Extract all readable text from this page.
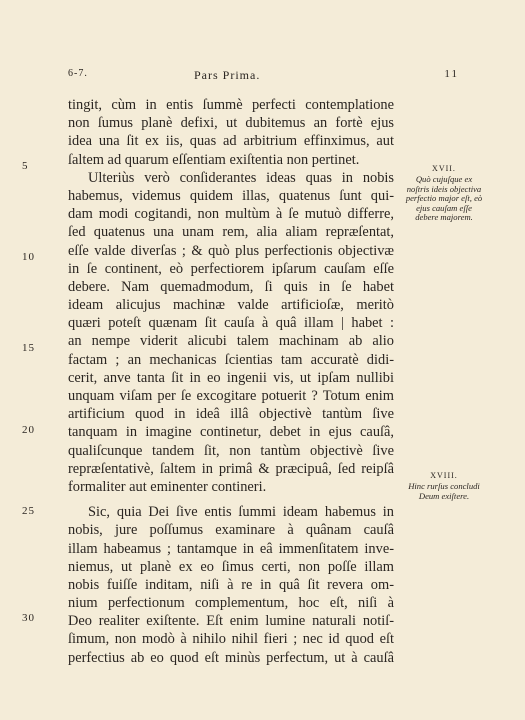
6-7.	Pars Prima.	11
tingit, cùm in entis ſummè perfecti contemplatione
non ſumus planè defixi, ut dubitemus an fortè ejus
idea una ſit ex iis, quas ad arbitrium effinximus, aut
ſaltem ad quarum eſſentiam exiſtentia non pertinet.
Ulteriùs verò conſiderantes ideas quas in nobis
habemus, videmus quidem illas, quatenus ſunt qui-
dam modi cogitandi, non multùm à ſe mutuò differre,
ſed quatenus una unam rem, alia aliam repræſentat,
eſſe valde diverſas ; & quò plus perfectionis objectivæ
in ſe continent, eò perfectiorem ipſarum cauſam eſſe
debere. Nam quemadmodum, ſi quis in ſe habet
ideam alicujus machinæ valde artificioſæ, meritò
quæri poteſt quænam ſit cauſa à quâ illam | habet :
an nempe viderit alicubi talem machinam ab alio
factam ; an mechanicas ſcientias tam accuratè didi-
cerit, anve tanta ſit in eo ingenii vis, ut ipſam nullibi
unquam viſam per ſe excogitare potuerit ? Totum enim
artificium quod in ideâ illâ objectivè tantùm ſive
tanquam in imagine continetur, debet in ejus cauſâ,
qualiſcunque tandem ſit, non tantùm objectivè ſive
repræſentativè, ſaltem in primâ & præcipuâ, ſed reipſâ
formaliter aut eminenter contineri.
Sic, quia Dei ſive entis ſummi ideam habemus in
nobis, jure poſſumus examinare à quânam cauſâ
illam habeamus ; tantamque in eâ immenſitatem inve-
niemus, ut planè ex eo ſimus certi, non poſſe illam
nobis fuiſſe inditam, niſi à re in quâ ſit revera om-
nium perfectionum complementum, hoc eſt, niſi à
Deo realiter exiſtente. Eſt enim lumine naturali notiſ-
ſimum, non modò à nihilo nihil fieri ; nec id quod eſt
perfectius ab eo quod eſt minùs perfectum, ut à cauſâ
5
10
15
20
25
30
XVII.
Quò cujuſque ex noſtris ideis objectiva perfectio major eſt, eò ejus cauſam eſſe debere majorem.
XVIII.
Hinc rurſus concludi Deum exiſtere.
